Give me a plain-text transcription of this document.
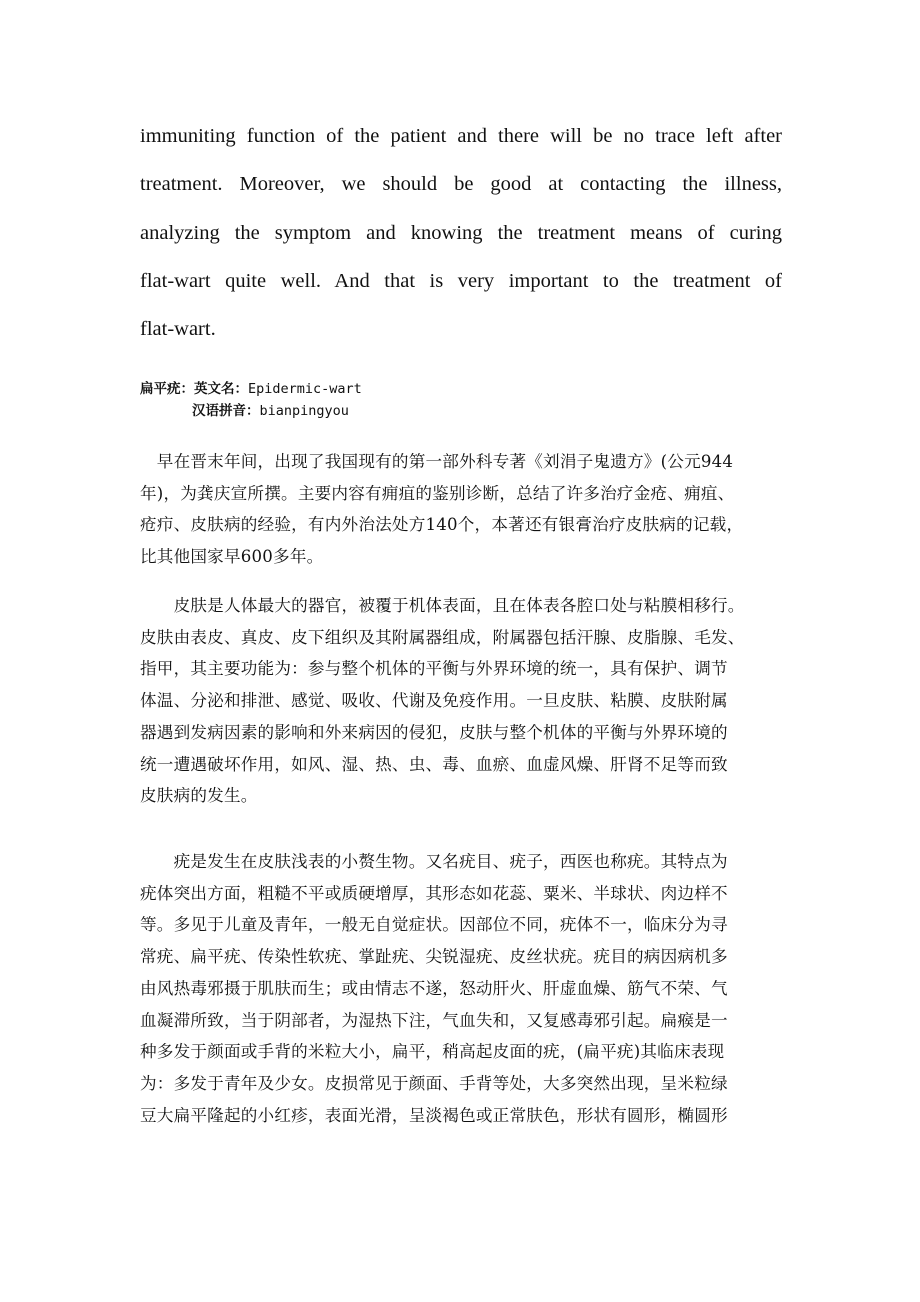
immuniting function of the patient and there will be no trace left after
treatment. Moreover, we should be good at contacting the illness,
analyzing the symptom and knowing the treatment means of curing
flat-wart quite well. And that is very important to the treatment of
flat-wart.
扁平疣：英文名：Epidermic-wart
汉语拼音：bianpingyou
　早在晋末年间，出现了我国现有的第一部外科专著《刘涓子鬼遗方》(公元944
年)，为龚庆宣所撰。主要内容有痈疽的鉴别诊断，总结了许多治疗金疮、痈疽、
疮疖、皮肤病的经验，有内外治法处方140个，本著还有银膏治疗皮肤病的记载，
比其他国家早600多年。
　　皮肤是人体最大的器官，被覆于机体表面，且在体表各腔口处与粘膜相移行。
皮肤由表皮、真皮、皮下组织及其附属器组成，附属器包括汗腺、皮脂腺、毛发、
指甲，其主要功能为：参与整个机体的平衡与外界环境的统一，具有保护、调节
体温、分泌和排泄、感觉、吸收、代谢及免疫作用。一旦皮肤、粘膜、皮肤附属
器遇到发病因素的影响和外来病因的侵犯，皮肤与整个机体的平衡与外界环境的
统一遭遇破坏作用，如风、湿、热、虫、毒、血瘀、血虚风燥、肝肾不足等而致
皮肤病的发生。
　　疣是发生在皮肤浅表的小赘生物。又名疣目、疣子，西医也称疣。其特点为
疣体突出方面，粗糙不平或质硬增厚，其形态如花蕊、粟米、半球状、肉边样不
等。多见于儿童及青年，一般无自觉症状。因部位不同，疣体不一，临床分为寻
常疣、扁平疣、传染性软疣、掌趾疣、尖锐湿疣、皮丝状疣。疣目的病因病机多
由风热毒邪摄于肌肤而生；或由情志不遂，怒动肝火、肝虚血燥、筋气不荣、气
血凝滞所致，当于阴部者，为湿热下注，气血失和，又复感毒邪引起。扁瘊是一
种多发于颜面或手背的米粒大小，扁平，稍高起皮面的疣，(扁平疣)其临床表现
为：多发于青年及少女。皮损常见于颜面、手背等处，大多突然出现，呈米粒绿
豆大扁平隆起的小红疹，表面光滑，呈淡褐色或正常肤色，形状有圆形，椭圆形
